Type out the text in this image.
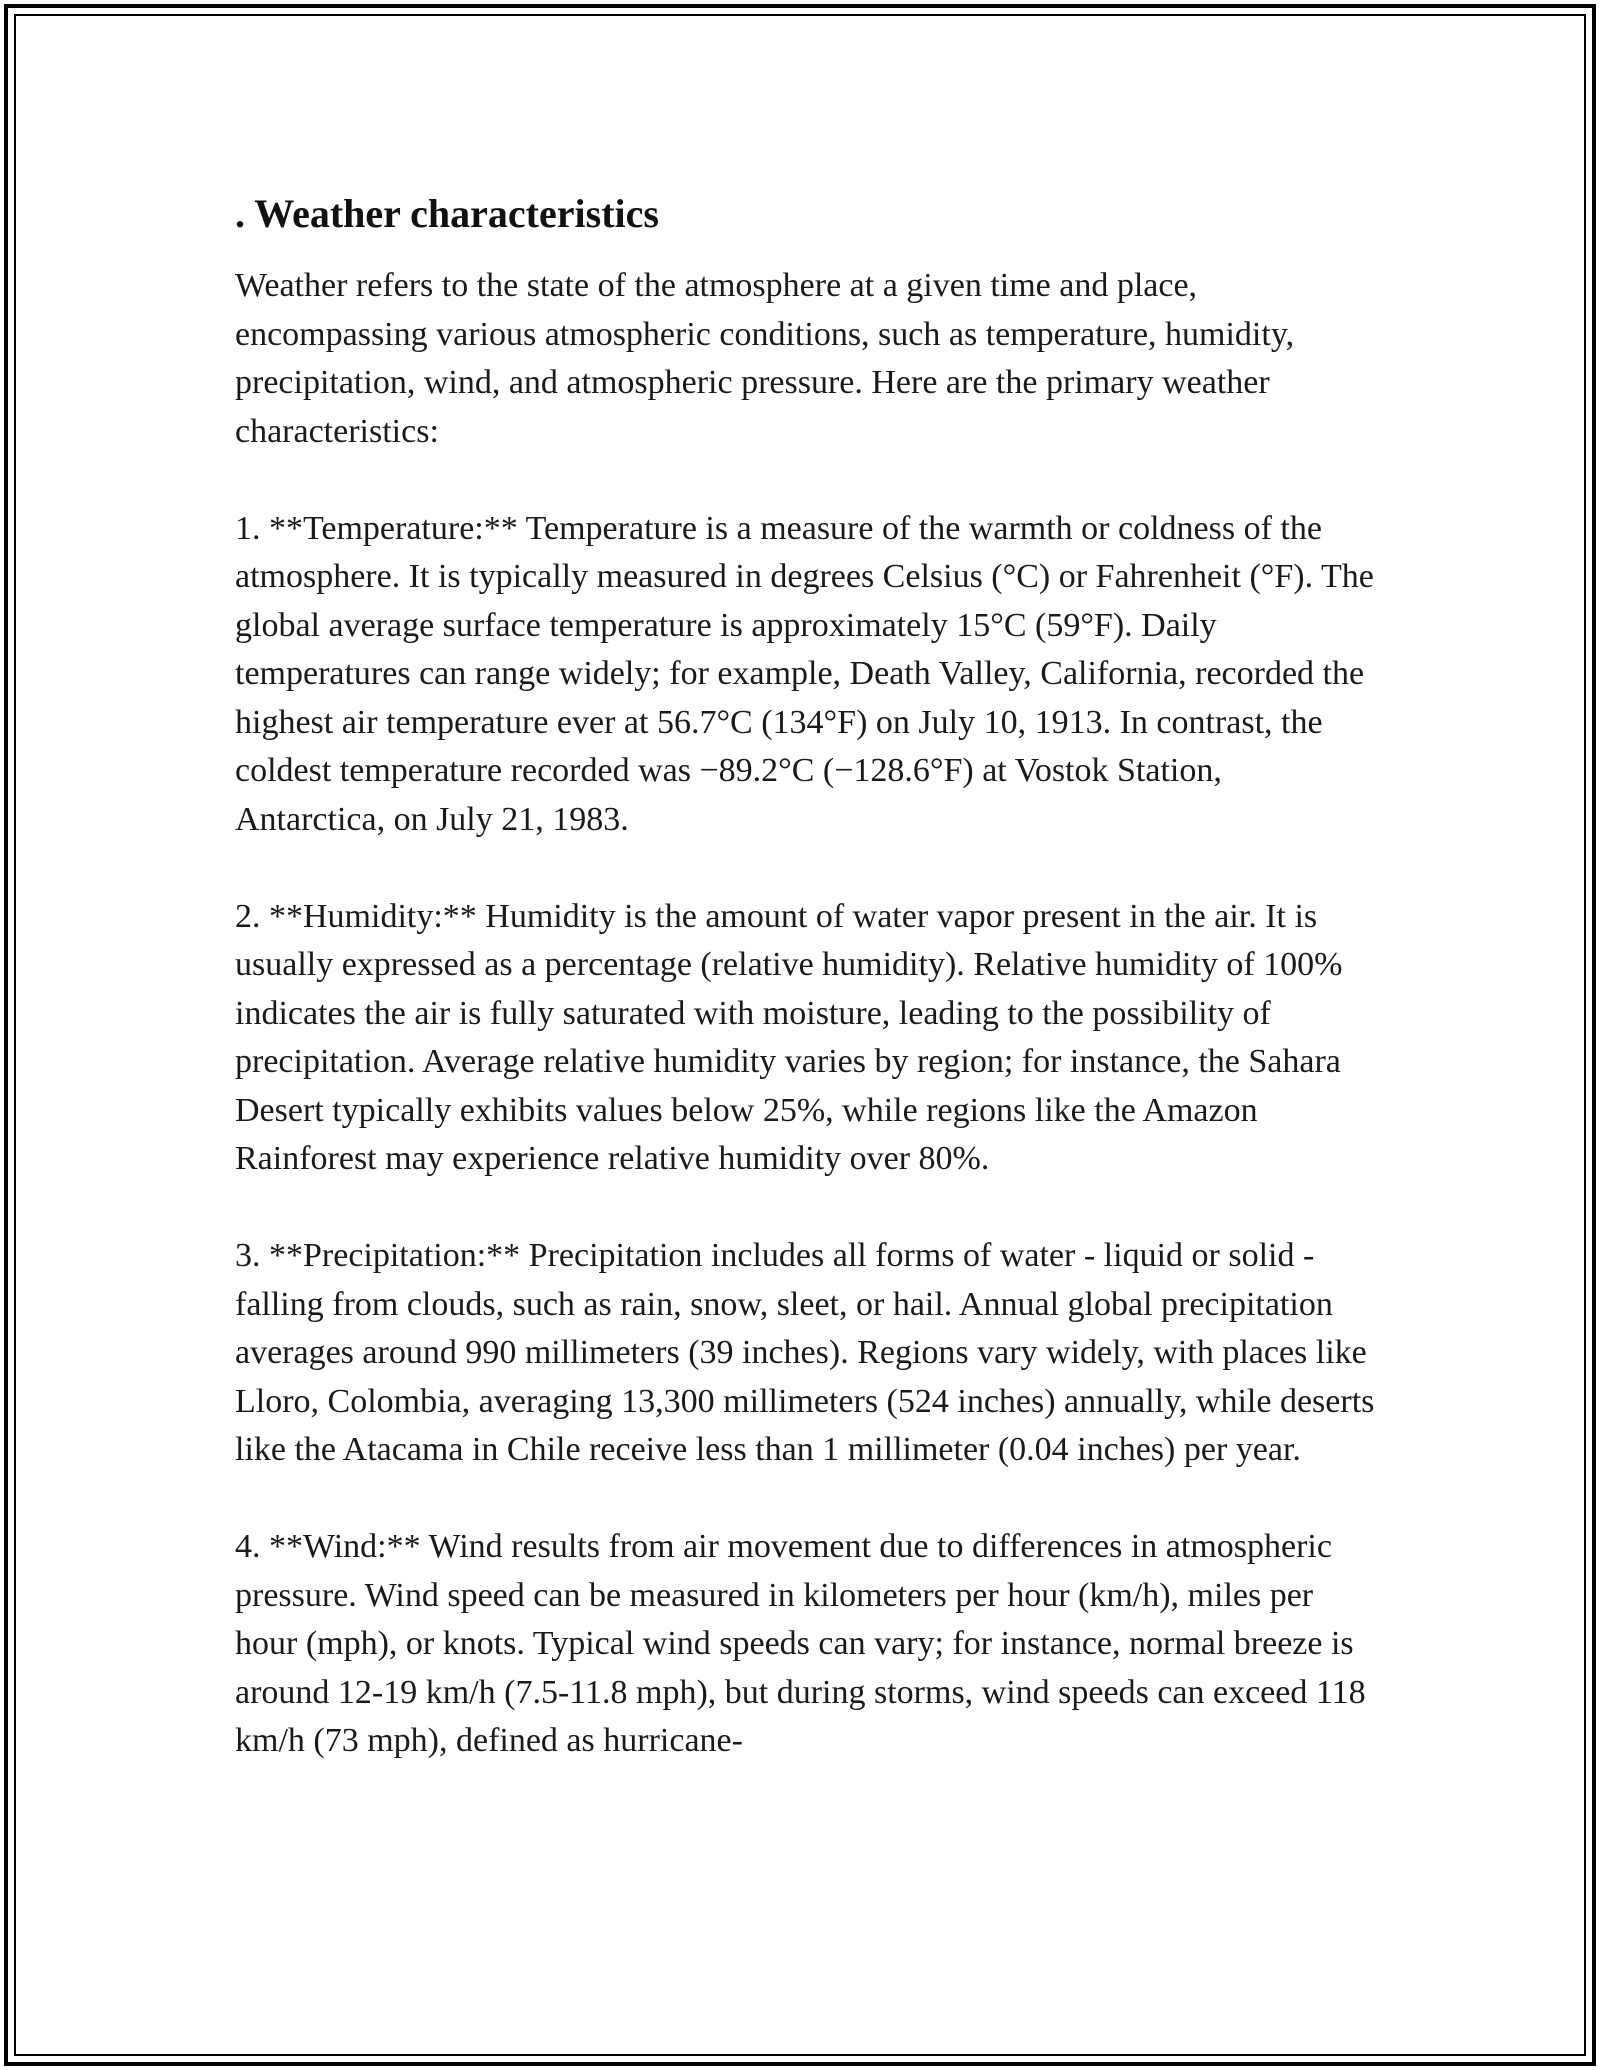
. Weather characteristics

Weather refers to the state of the atmosphere at a given time and place, encompassing various atmospheric conditions, such as temperature, humidity, precipitation, wind, and atmospheric pressure. Here are the primary weather characteristics:

1. **Temperature:** Temperature is a measure of the warmth or coldness of the atmosphere. It is typically measured in degrees Celsius (°C) or Fahrenheit (°F). The global average surface temperature is approximately 15°C (59°F). Daily temperatures can range widely; for example, Death Valley, California, recorded the highest air temperature ever at 56.7°C (134°F) on July 10, 1913. In contrast, the coldest temperature recorded was −89.2°C (−128.6°F) at Vostok Station, Antarctica, on July 21, 1983.

2. **Humidity:** Humidity is the amount of water vapor present in the air. It is usually expressed as a percentage (relative humidity). Relative humidity of 100% indicates the air is fully saturated with moisture, leading to the possibility of precipitation. Average relative humidity varies by region; for instance, the Sahara Desert typically exhibits values below 25%, while regions like the Amazon Rainforest may experience relative humidity over 80%.

3. **Precipitation:** Precipitation includes all forms of water - liquid or solid - falling from clouds, such as rain, snow, sleet, or hail. Annual global precipitation averages around 990 millimeters (39 inches). Regions vary widely, with places like Lloro, Colombia, averaging 13,300 millimeters (524 inches) annually, while deserts like the Atacama in Chile receive less than 1 millimeter (0.04 inches) per year.

4. **Wind:** Wind results from air movement due to differences in atmospheric pressure. Wind speed can be measured in kilometers per hour (km/h), miles per hour (mph), or knots. Typical wind speeds can vary; for instance, normal breeze is around 12-19 km/h (7.5-11.8 mph), but during storms, wind speeds can exceed 118 km/h (73 mph), defined as hurricane-
